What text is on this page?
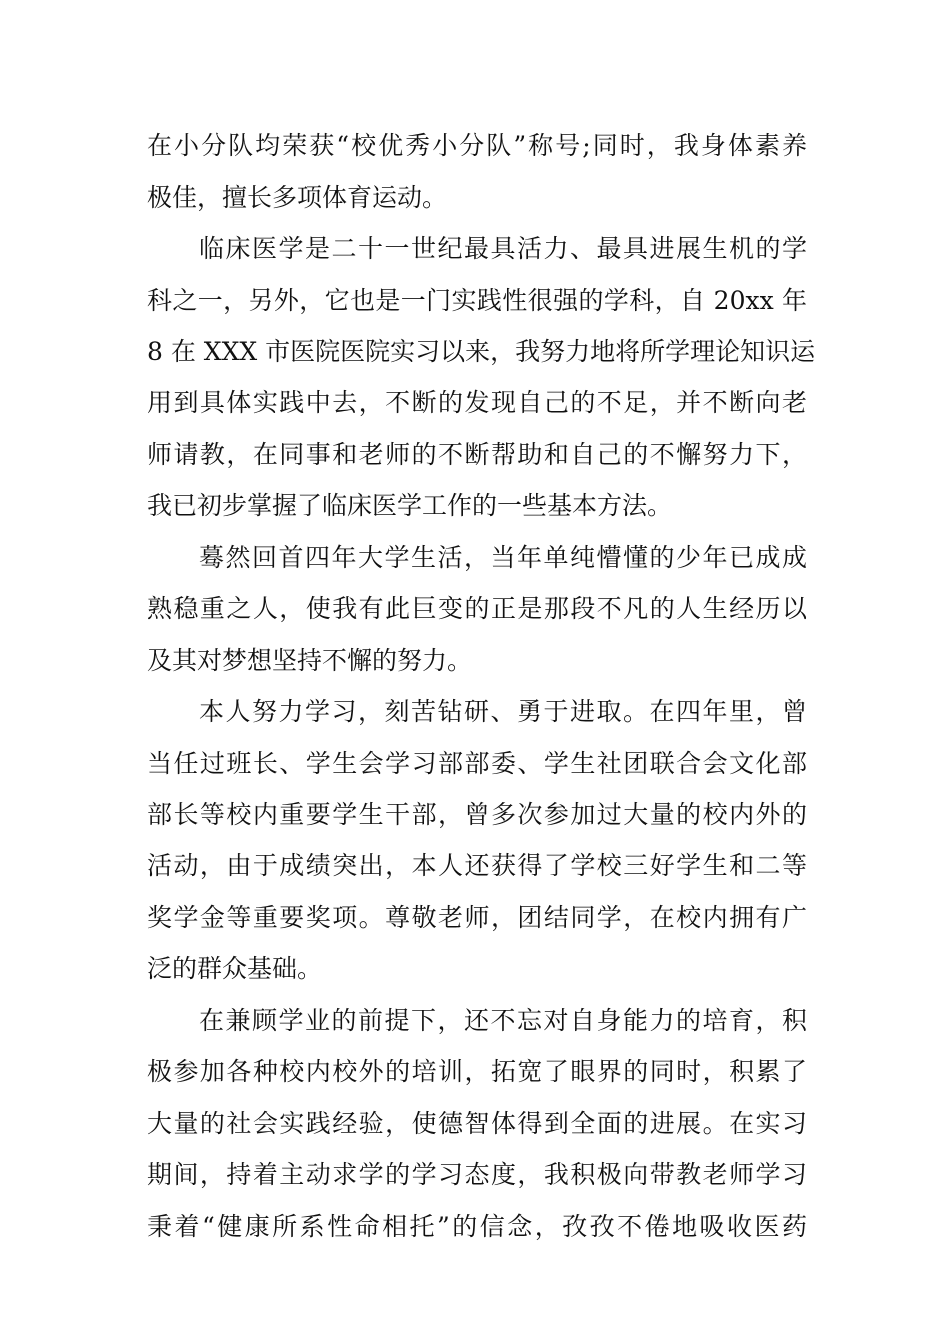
在小分队均荣获“校优秀小分队”称号;同时，我身体素养
极佳，擅长多项体育运动。
临床医学是二十一世纪最具活力、最具进展生机的学
科之一，另外，它也是一门实践性很强的学科，自 20xx 年
8 在 XXX 市医院医院实习以来，我努力地将所学理论知识运
用到具体实践中去，不断的发现自己的不足，并不断向老
师请教，在同事和老师的不断帮助和自己的不懈努力下，
我已初步掌握了临床医学工作的一些基本方法。
蓦然回首四年大学生活，当年单纯懵懂的少年已成成
熟稳重之人，使我有此巨变的正是那段不凡的人生经历以
及其对梦想坚持不懈的努力。
本人努力学习，刻苦钻研、勇于进取。在四年里，曾
当任过班长、学生会学习部部委、学生社团联合会文化部
部长等校内重要学生干部，曾多次参加过大量的校内外的
活动，由于成绩突出，本人还获得了学校三好学生和二等
奖学金等重要奖项。尊敬老师，团结同学，在校内拥有广
泛的群众基础。
在兼顾学业的前提下，还不忘对自身能力的培育，积
极参加各种校内校外的培训，拓宽了眼界的同时，积累了
大量的社会实践经验，使德智体得到全面的进展。在实习
期间，持着主动求学的学习态度，我积极向带教老师学习
秉着“健康所系性命相托”的信念，孜孜不倦地吸收医药
